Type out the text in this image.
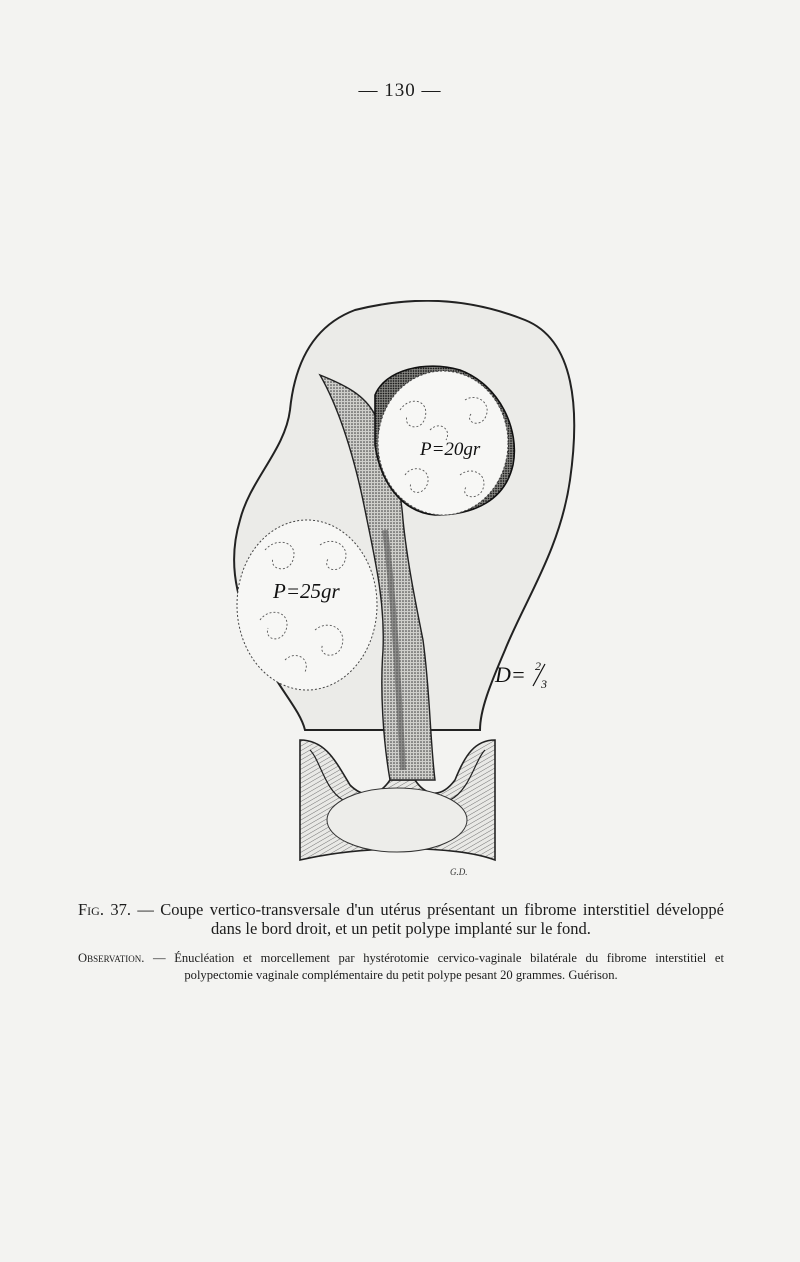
— 130 —
P=20gr
P=25gr
D= 2
3
G.D.
Fig. 37. — Coupe vertico-transversale d'un utérus présentant un fibrome interstitiel développé dans le bord droit, et un petit polype implanté sur le fond.
Observation. — Énucléation et morcellement par hystérotomie cervico-vaginale bilatérale du fibrome interstitiel et polypectomie vaginale complémentaire du petit polype pesant 20 grammes. Guérison.
